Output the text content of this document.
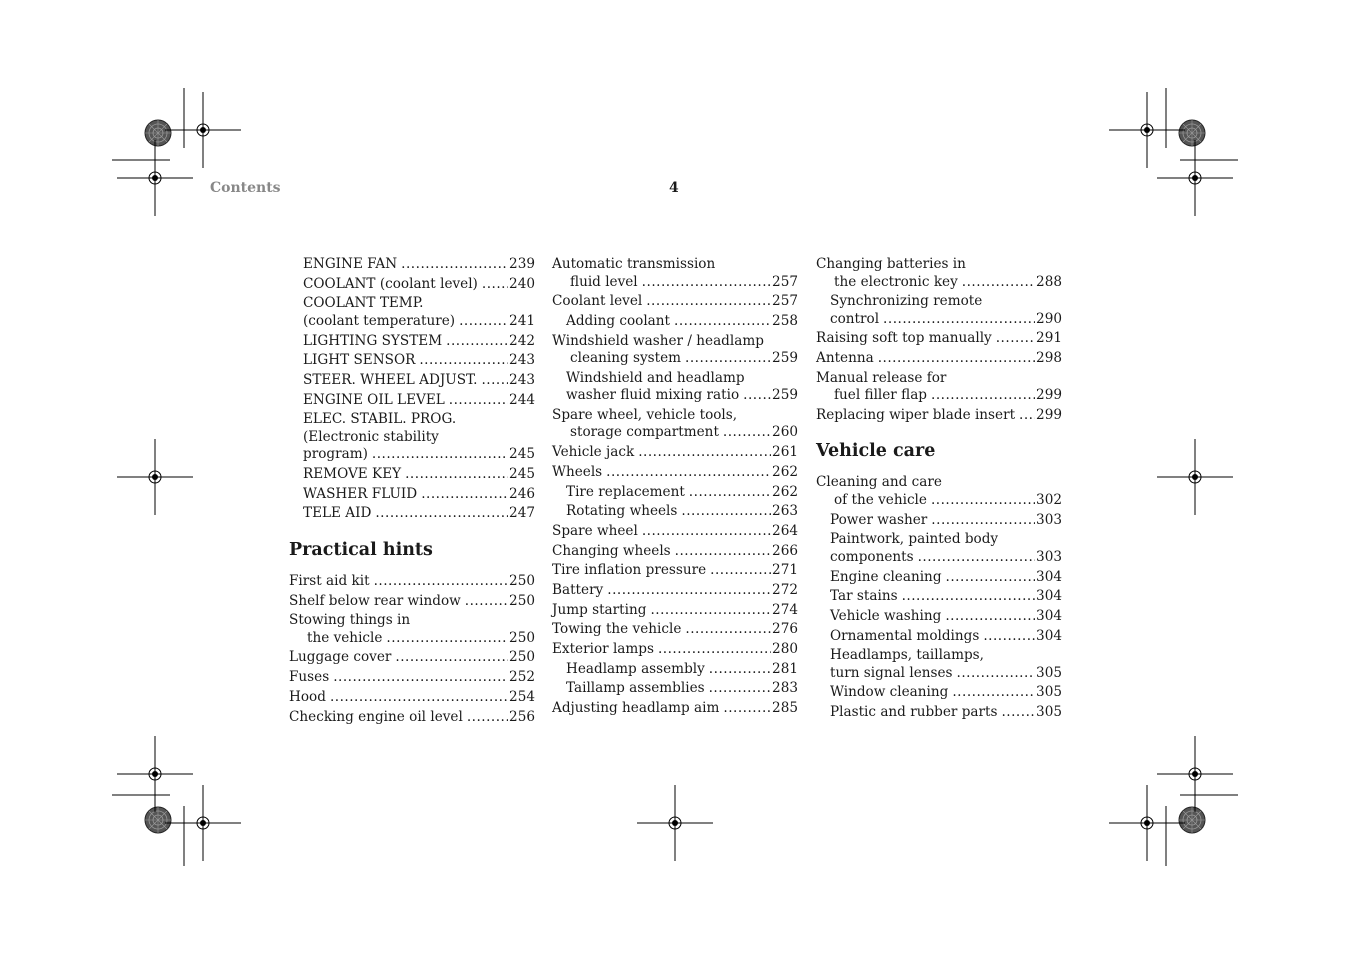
Contents	4
ENGINE FAN .....	239
COOLANT (coolant level) ..... 240
COOLANT TEMP.
(coolant temperature) .....	241
LIGHTING SYSTEM .....	242
LIGHT SENSOR .....	243
STEER. WHEEL ADJUST. ..... 243
ENGINE OIL LEVEL .....	244
ELEC. STABIL. PROG.
(Electronic stability
program) .....	245
REMOVE KEY .....	245
WASHER FLUID .....	246
TELE AID .....	247
Practical hints
First aid kit .....	250
Shelf below rear window .....	250
Stowing things in
the vehicle .....	250
Luggage cover .....	250
Fuses .....	252
Hood .....	254
Checking engine oil level .....	256
Automatic transmission
fluid level .....	257
Coolant level .....	257
Adding coolant .....	258
Windshield washer / headlamp
cleaning system .....	259
Windshield and headlamp
washer fluid mixing ratio ..... 259
Spare wheel, vehicle tools,
storage compartment .....	260
Vehicle jack .....	261
Wheels .....	262
Tire replacement .....	262
Rotating wheels .....	263
Spare wheel .....	264
Changing wheels .....	266
Tire inflation pressure .....	271
Battery .....	272
Jump starting .....	274
Towing the vehicle .....	276
Exterior lamps .....	280
Headlamp assembly .....	281
Taillamp assemblies .....	283
Adjusting headlamp aim .....	285
Changing batteries in
the electronic key .....	288
Synchronizing remote
control .....	290
Raising soft top manually .....	291
Antenna .....	298
Manual release for
fuel filler flap .....	299
Replacing wiper blade insert ..... 299
Vehicle care
Cleaning and care
of the vehicle .....	302
Power washer .....	303
Paintwork, painted body
components .....	303
Engine cleaning .....	304
Tar stains .....	304
Vehicle washing .....	304
Ornamental moldings .....	304
Headlamps, taillamps,
turn signal lenses .....	305
Window cleaning .....	305
Plastic and rubber parts .....	305
